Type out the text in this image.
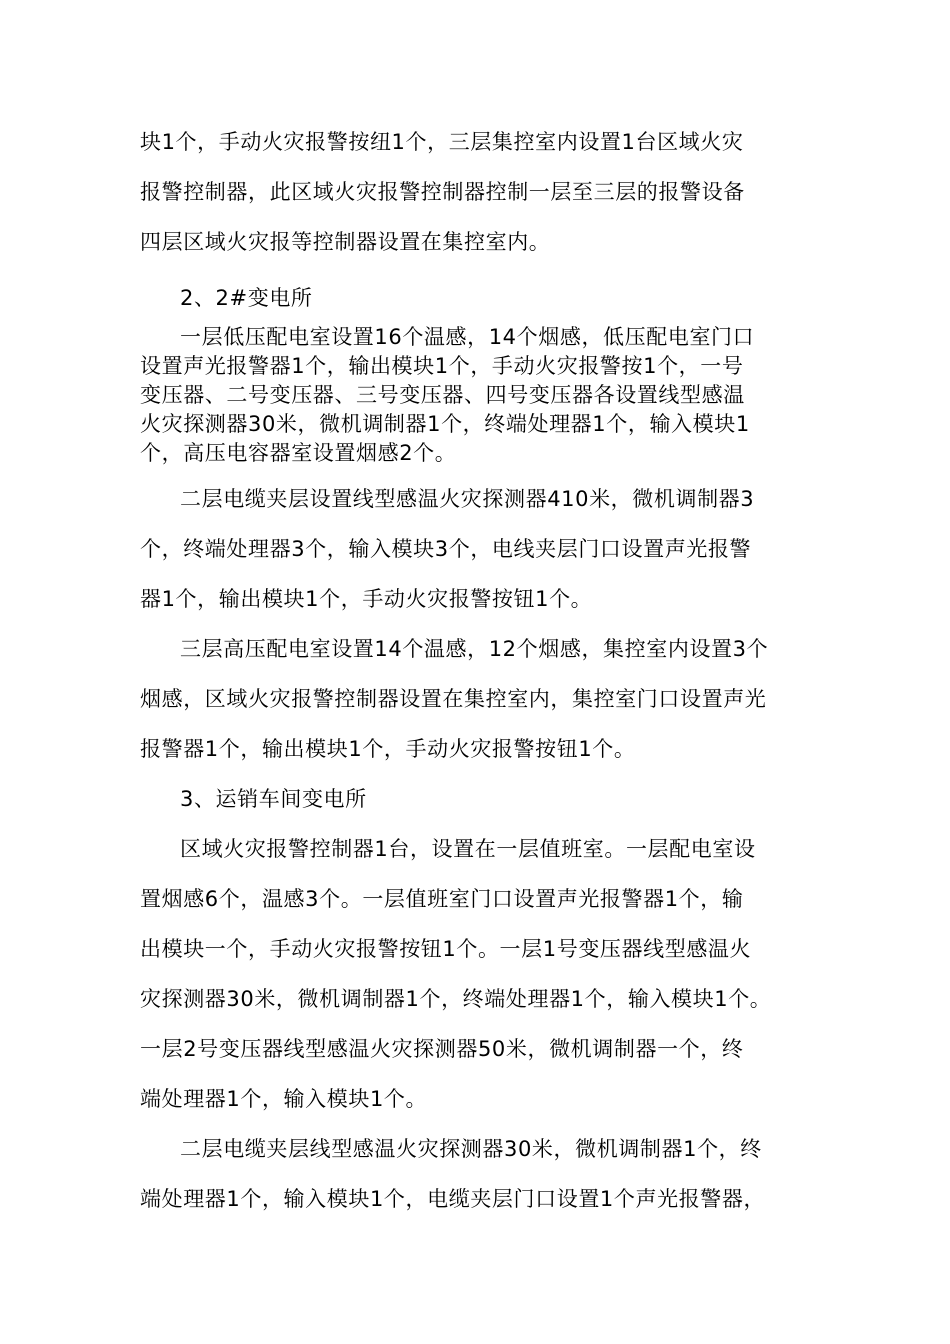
块1个，手动火灾报警按纽1个，三层集控室内设置1台区域火灾

报警控制器，此区域火灾报警控制器控制一层至三层的报警设备

四层区域火灾报等控制器设置在集控室内。

2、2#变电所

一层低压配电室设置16个温感，14个烟感，低压配电室门口

设置声光报警器1个，输出模块1个，手动火灾报警按1个，一号

变压器、二号变压器、三号变压器、四号变压器各设置线型感温

火灾探测器30米，微机调制器1个，终端处理器1个，输入模块1

个，高压电容器室设置烟感2个。

二层电缆夹层设置线型感温火灾探测器410米，微机调制器3

个，终端处理器3个，输入模块3个，电线夹层门口设置声光报警

器1个，输出模块1个，手动火灾报警按钮1个。

三层高压配电室设置14个温感，12个烟感，集控室内设置3个

烟感，区域火灾报警控制器设置在集控室内，集控室门口设置声光

报警器1个，输出模块1个，手动火灾报警按钮1个。

3、运销车间变电所

区域火灾报警控制器1台，设置在一层值班室。一层配电室设

置烟感6个，温感3个。一层值班室门口设置声光报警器1个，输

出模块一个，手动火灾报警按钮1个。一层1号变压器线型感温火

灾探测器30米，微机调制器1个，终端处理器1个，输入模块1个。

一层2号变压器线型感温火灾探测器50米，微机调制器一个，终

端处理器1个，输入模块1个。

二层电缆夹层线型感温火灾探测器30米，微机调制器1个，终

端处理器1个，输入模块1个，电缆夹层门口设置1个声光报警器，
